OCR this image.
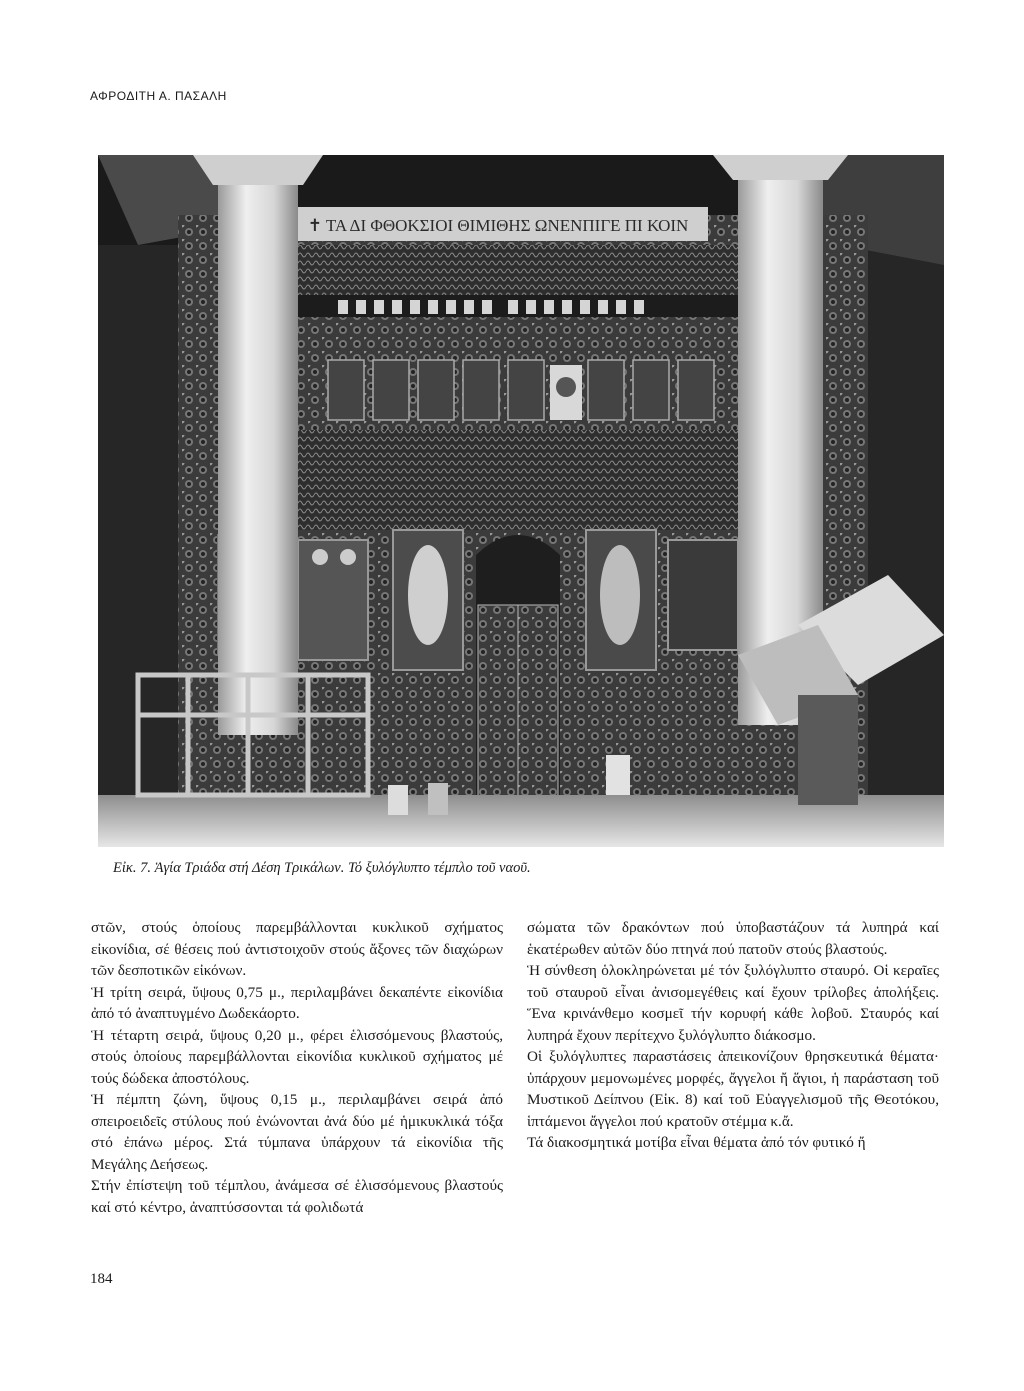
ΑΦΡΟΔΙΤΗ Α. ΠΑΣΑΛΗ
✝ ΤΑ ΔΙ ΦΘΟΚΣΙΟΙ ΘΙΜΙΘΗΣ ΩΝΕΝΠΙΓΕ ΠΙ ΚΟΙΝ
Εἰκ. 7. Ἁγία Τριάδα στή Δέση Τρικάλων. Τό ξυλόγλυπτο τέμπλο τοῦ ναοῦ.

στῶν, στούς ὁποίους παρεμβάλλονται κυκλικοῦ σχήματος εἰκονίδια, σέ θέσεις πού ἀντιστοιχοῦν στούς ἄξονες τῶν διαχώρων τῶν δεσποτικῶν εἰκόνων.

Ἡ τρίτη σειρά, ὕψους 0,75 μ., περιλαμβάνει δεκαπέντε εἰκονίδια ἀπό τό ἀναπτυγμένο Δωδεκάορτο.

Ἡ τέταρτη σειρά, ὕψους 0,20 μ., φέρει ἑλισσόμενους βλαστούς, στούς ὁποίους παρεμβάλλονται εἰκονίδια κυκλικοῦ σχήματος μέ τούς δώδεκα ἀποστόλους.

Ἡ πέμπτη ζώνη, ὕψους 0,15 μ., περιλαμβάνει σειρά ἀπό σπειροειδεῖς στύλους πού ἑνώνονται ἀνά δύο μέ ἡμικυκλικά τόξα στό ἐπάνω μέρος. Στά τύμπανα ὑπάρχουν τά εἰκονίδια τῆς Μεγάλης Δεήσεως.

Στήν ἐπίστεψη τοῦ τέμπλου, ἀνάμεσα σέ ἑλισσόμενους βλαστούς καί στό κέντρο, ἀναπτύσσονται τά φολιδωτά

σώματα τῶν δρακόντων πού ὑποβαστάζουν τά λυπηρά καί ἑκατέρωθεν αὐτῶν δύο πτηνά πού πατοῦν στούς βλαστούς.

Ἡ σύνθεση ὁλοκληρώνεται μέ τόν ξυλόγλυπτο σταυρό. Οἱ κεραῖες τοῦ σταυροῦ εἶναι ἀνισομεγέθεις καί ἔχουν τρίλοβες ἀπολήξεις. Ἕνα κρινάνθεμο κοσμεῖ τήν κορυφή κάθε λοβοῦ. Σταυρός καί λυπηρά ἔχουν περίτεχνο ξυλόγλυπτο διάκοσμο.

Οἱ ξυλόγλυπτες παραστάσεις ἀπεικονίζουν θρησκευτικά θέματα· ὑπάρχουν μεμονωμένες μορφές, ἄγγελοι ἤ ἅγιοι, ἡ παράσταση τοῦ Μυστικοῦ Δείπνου (Εἰκ. 8) καί τοῦ Εὐαγγελισμοῦ τῆς Θεοτόκου, ἱπτάμενοι ἄγγελοι πού κρατοῦν στέμμα κ.ἄ.

Τά διακοσμητικά μοτίβα εἶναι θέματα ἀπό τόν φυτικό ἤ

184
